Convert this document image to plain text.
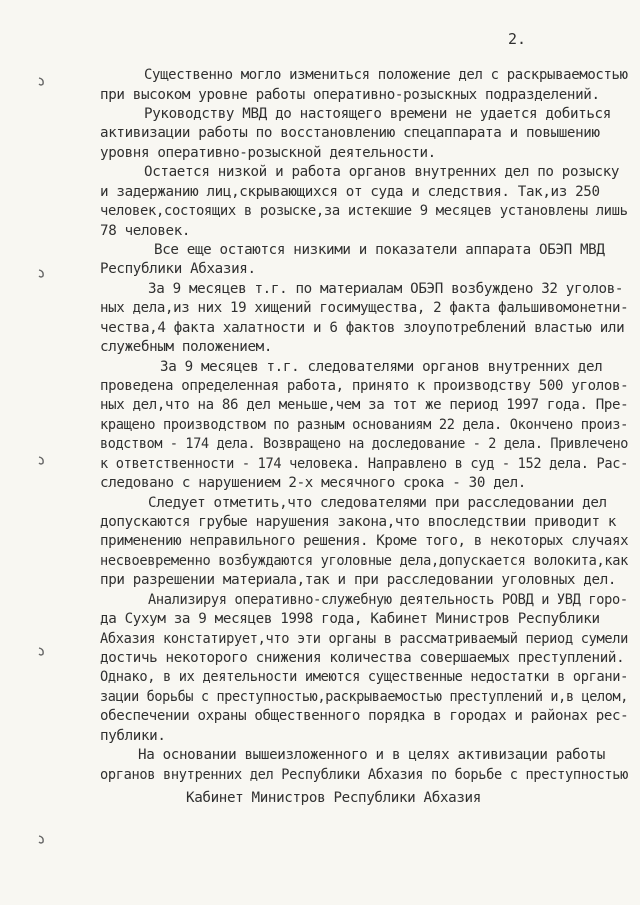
2.
Существенно могло измениться положение дел с раскрываемостью
при высоком уровне работы оперативно-розыскных подразделений.
Руководству МВД до настоящего времени не удается добиться
активизации работы по восстановлению спецаппарата и повышению
уровня оперативно-розыскной деятельности.
Остается низкой и работа органов внутренних дел по розыску
и задержанию лиц,скрывающихся от суда и следствия. Так,из 250
человек,состоящих в розыске,за истекшие 9 месяцев установлены лишь
78 человек.
Все еще остаются низкими и показатели аппарата ОБЭП МВД
Республики Абхазия.
За 9 месяцев т.г. по материалам ОБЭП возбуждено 32 уголов-
ных дела,из них 19 хищений госимущества, 2 факта фальшивомонетни-
чества,4 факта халатности и 6 фактов злоупотреблений властью или
служебным положением.
За 9 месяцев т.г. следователями органов внутренних дел
проведена определенная работа, принято к производству 500 уголов-
ных дел,что на 86 дел меньше,чем за тот же период 1997 года. Пре-
кращено производством по разным основаниям 22 дела. Окончено произ-
водством - 174 дела. Возвращено на доследование - 2 дела. Привлечено
к ответственности - 174 человека. Направлено в суд - 152 дела. Рас-
следовано с нарушением 2-х месячного срока - 30 дел.
Следует отметить,что следователями при расследовании дел
допускаются грубые нарушения закона,что впоследствии приводит к
применению неправильного решения. Кроме того, в некоторых случаях
несвоевременно возбуждаются уголовные дела,допускается волокита,как
при разрешении материала,так и при расследовании уголовных дел.
Анализируя оперативно-служебную деятельность РОВД и УВД горо-
да Сухум за 9 месяцев 1998 года, Кабинет Министров Республики
Абхазия констатирует,что эти органы в рассматриваемый период сумели
достичь некоторого снижения количества совершаемых преступлений.
Однако, в их деятельности имеются существенные недостатки в органи-
зации борьбы с преступностью,раскрываемостью преступлений и,в целом,
обеспечении охраны общественного порядка в городах и районах рес-
публики.
На основании вышеизложенного и в целях активизации работы
органов внутренних дел Республики Абхазия по борьбе с преступностью
Кабинет Министров Республики Абхазия
